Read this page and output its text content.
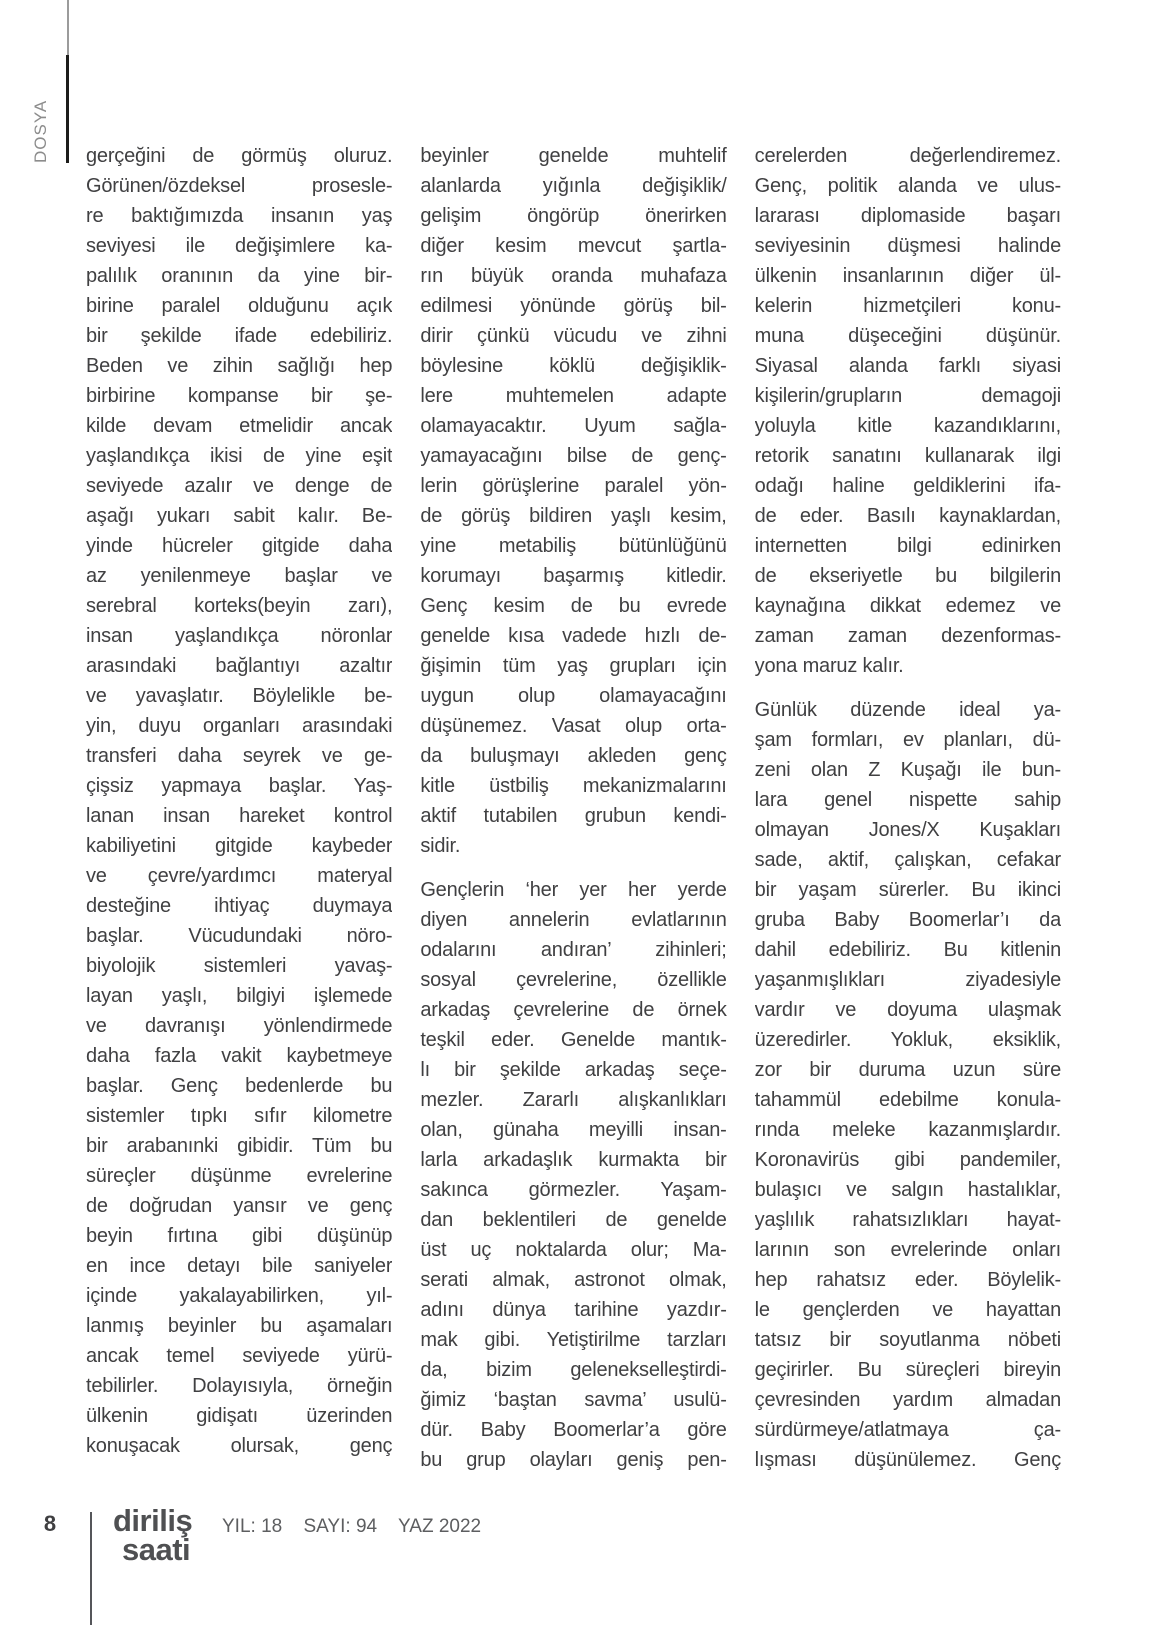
DOSYA gerçeğini de görmüş oluruz.
Görünen/özdeksel prosesle-
re baktığımızda insanın yaş
seviyesi ile değişimlere ka-
palılık oranının da yine bir-
birine paralel olduğunu açık
bir şekilde ifade edebiliriz.
Beden ve zihin sağlığı hep
birbirine kompanse bir şe-
kilde devam etmelidir ancak
yaşlandıkça ikisi de yine eşit
seviyede azalır ve denge de
aşağı yukarı sabit kalır. Be-
yinde hücreler gitgide daha
az yenilenmeye başlar ve
serebral korteks(beyin zarı),
insan yaşlandıkça nöronlar
arasındaki bağlantıyı azaltır
ve yavaşlatır. Böylelikle be-
yin, duyu organları arasındaki
transferi daha seyrek ve ge-
çişsiz yapmaya başlar. Yaş-
lanan insan hareket kontrol
kabiliyetini gitgide kaybeder
ve çevre/yardımcı materyal
desteğine ihtiyaç duymaya
başlar. Vücudundaki nöro-
biyolojik sistemleri yavaş-
layan yaşlı, bilgiyi işlemede
ve davranışı yönlendirmede
daha fazla vakit kaybetmeye
başlar. Genç bedenlerde bu
sistemler tıpkı sıfır kilometre
bir arabanınki gibidir. Tüm bu
süreçler düşünme evrelerine
de doğrudan yansır ve genç
beyin fırtına gibi düşünüp
en ince detayı bile saniyeler
içinde yakalayabilirken, yıl-
lanmış beyinler bu aşamaları
ancak temel seviyede yürü-
tebilirler. Dolayısıyla, örneğin
ülkenin gidişatı üzerinden
konuşacak olursak, genç
beyinler genelde muhtelif
alanlarda yığınla değişiklik/
gelişim öngörüp önerirken
diğer kesim mevcut şartla-
rın büyük oranda muhafaza
edilmesi yönünde görüş bil-
dirir çünkü vücudu ve zihni
böylesine köklü değişiklik-
lere muhtemelen adapte
olamayacaktır. Uyum sağla-
yamayacağını bilse de genç-
lerin görüşlerine paralel yön-
de görüş bildiren yaşlı kesim,
yine metabiliş bütünlüğünü
korumayı başarmış kitledir.
Genç kesim de bu evrede
genelde kısa vadede hızlı de-
ğişimin tüm yaş grupları için
uygun olup olamayacağını
düşünemez. Vasat olup orta-
da buluşmayı akleden genç
kitle üstbiliş mekanizmalarını
aktif tutabilen grubun kendi-
sidir.
Gençlerin ‘her yer her yerde
diyen annelerin evlatlarının
odalarını andıran’ zihinleri;
sosyal çevrelerine, özellikle
arkadaş çevrelerine de örnek
teşkil eder. Genelde mantık-
lı bir şekilde arkadaş seçe-
mezler. Zararlı alışkanlıkları
olan, günaha meyilli insan-
larla arkadaşlık kurmakta bir
sakınca görmezler. Yaşam-
dan beklentileri de genelde
üst uç noktalarda olur; Ma-
serati almak, astronot olmak,
adını dünya tarihine yazdır-
mak gibi. Yetiştirilme tarzları
da, bizim gelenekselleştirdi-
ğimiz ‘baştan savma’ usulü-
dür. Baby Boomerlar’a göre
bu grup olayları geniş pen-
cerelerden değerlendiremez.
Genç, politik alanda ve ulus-
lararası diplomaside başarı
seviyesinin düşmesi halinde
ülkenin insanlarının diğer ül-
kelerin hizmetçileri konu-
muna düşeceğini düşünür.
Siyasal alanda farklı siyasi
kişilerin/grupların demagoji
yoluyla kitle kazandıklarını,
retorik sanatını kullanarak ilgi
odağı haline geldiklerini ifa-
de eder. Basılı kaynaklardan,
internetten bilgi edinirken
de ekseriyetle bu bilgilerin
kaynağına dikkat edemez ve
zaman zaman dezenformas-
yona maruz kalır.
Günlük düzende ideal ya-
şam formları, ev planları, dü-
zeni olan Z Kuşağı ile bun-
lara genel nispette sahip
olmayan Jones/X Kuşakları
sade, aktif, çalışkan, cefakar
bir yaşam sürerler. Bu ikinci
gruba Baby Boomerlar’ı da
dahil edebiliriz. Bu kitlenin
yaşanmışlıkları ziyadesiyle
vardır ve doyuma ulaşmak
üzeredirler. Yokluk, eksiklik,
zor bir duruma uzun süre
tahammül edebilme konula-
rında meleke kazanmışlardır.
Koronavirüs gibi pandemiler,
bulaşıcı ve salgın hastalıklar,
yaşlılık rahatsızlıkları hayat-
larının son evrelerinde onları
hep rahatsız eder. Böylelik-
le gençlerden ve hayattan
tatsız bir soyutlanma nöbeti
geçirirler. Bu süreçleri bireyin
çevresinden yardım almadan
sürdürmeye/atlatmaya ça-
lışması düşünülemez. Genç
8 diriliş
saati
YIL: 18 SAYI: 94 YAZ 2022
